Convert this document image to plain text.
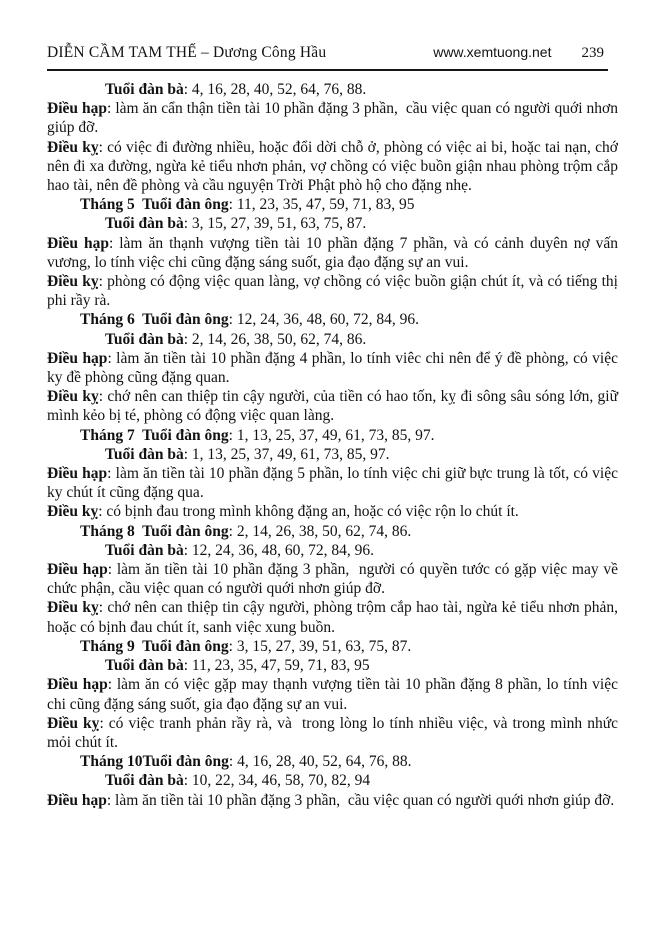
DIỄN CẦM TAM THẾ – Dương Công Hầu	www.xemtuong.net 239

Tuổi đàn bà: 4, 16, 28, 40, 52, 64, 76, 88.

Điều hạp: làm ăn cẩn thận tiền tài 10 phần đặng 3 phần,  cầu việc quan có người quới nhơn giúp đỡ.

Điều kỵ: có việc đi đường nhiều, hoặc đổi dời chỗ ở, phòng có việc ai bi, hoặc tai nạn, chớ nên đi xa đường, ngừa kẻ tiểu nhơn phản, vợ chồng có việc buồn giận nhau phòng trộm cắp hao tài, nên đề phòng và cầu nguyện Trời Phật phò hộ cho đặng nhẹ.

Tháng 5  Tuổi đàn ông: 11, 23, 35, 47, 59, 71, 83, 95

Tuổi đàn bà: 3, 15, 27, 39, 51, 63, 75, 87.

Điều hạp: làm ăn thạnh vượng tiền tài 10 phần đặng 7 phần, và có cảnh duyên nợ vấn vương, lo tính việc chi cũng đặng sáng suốt, gia đạo đặng sự an vui.

Điều kỵ: phòng có động việc quan làng, vợ chồng có việc buồn giận chút ít, và có tiếng thị phi rầy rà.

Tháng 6  Tuổi đàn ông: 12, 24, 36, 48, 60, 72, 84, 96.

Tuổi đàn bà: 2, 14, 26, 38, 50, 62, 74, 86.

Điều hạp: làm ăn tiền tài 10 phần đặng 4 phần, lo tính viêc chi nên để ý đề phòng, có việc ky đề phòng cũng đặng quan.

Điều kỵ: chớ nên can thiệp tin cậy người, của tiền có hao tốn, kỵ đi sông sâu sóng lớn, giữ mình kẻo bị té, phòng có động việc quan làng.

Tháng 7  Tuổi đàn ông: 1, 13, 25, 37, 49, 61, 73, 85, 97.

Tuổi đàn bà: 1, 13, 25, 37, 49, 61, 73, 85, 97.

Điều hạp: làm ăn tiền tài 10 phần đặng 5 phần, lo tính việc chi giữ bực trung là tốt, có việc ky chút ít cũng đặng qua.

Điều kỵ: có bịnh đau trong mình không đặng an, hoặc có việc rộn lo chút ít.

Tháng 8  Tuổi đàn ông: 2, 14, 26, 38, 50, 62, 74, 86.

Tuổi đàn bà: 12, 24, 36, 48, 60, 72, 84, 96.

Điều hạp: làm ăn tiền tài 10 phần đặng 3 phần,  người có quyền tước có gặp việc may về chức phận, cầu việc quan có người quới nhơn giúp đỡ.

Điều kỵ: chớ nên can thiệp tin cậy người, phòng trộm cắp hao tài, ngừa kẻ tiểu nhơn phản, hoặc có bịnh đau chút ít, sanh việc xung buồn.

Tháng 9  Tuổi đàn ông: 3, 15, 27, 39, 51, 63, 75, 87.

Tuổi đàn bà: 11, 23, 35, 47, 59, 71, 83, 95

Điều hạp: làm ăn có việc gặp may thạnh vượng tiền tài 10 phần đặng 8 phần, lo tính việc chi cũng đặng sáng suốt, gia đạo đặng sự an vui.

Điều kỵ: có việc tranh phản rầy rà, và  trong lòng lo tính nhiều việc, và trong mình nhức mỏi chút ít.

Tháng 10Tuổi đàn ông: 4, 16, 28, 40, 52, 64, 76, 88.

Tuổi đàn bà: 10, 22, 34, 46, 58, 70, 82, 94

Điều hạp: làm ăn tiền tài 10 phần đặng 3 phần,  cầu việc quan có người quới nhơn giúp đỡ.
